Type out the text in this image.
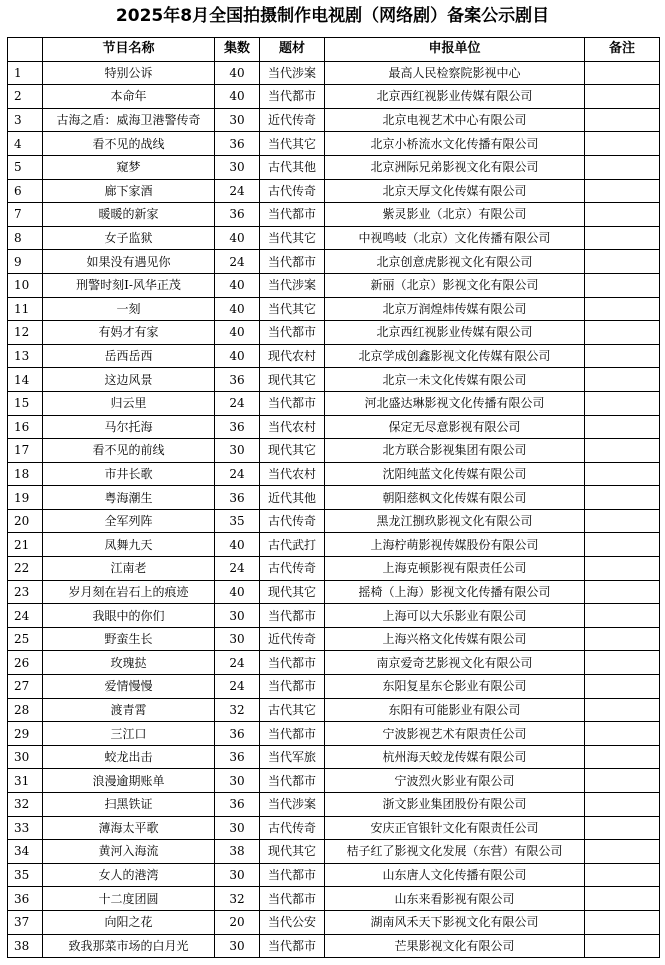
2025年8月全国拍摄制作电视剧（网络剧）备案公示剧目
	节目名称	集数	题材	申报单位	备注
1	特别公诉	40	当代涉案	最高人民检察院影视中心	
2	本命年	40	当代都市	北京西红视影业传媒有限公司	
3	古海之盾：威海卫港警传奇	30	近代传奇	北京电视艺术中心有限公司	
4	看不见的战线	36	当代其它	北京小桥流水文化传播有限公司	
5	窥梦	30	古代其他	北京洲际兄弟影视文化有限公司	
6	廊下家酒	24	古代传奇	北京天厚文化传媒有限公司	
7	暖暖的新家	36	当代都市	紫灵影业（北京）有限公司	
8	女子监狱	40	当代其它	中视鸣岐（北京）文化传播有限公司	
9	如果没有遇见你	24	当代都市	北京创意虎影视文化有限公司	
10	刑警时刻I-风华正茂	40	当代涉案	新丽（北京）影视文化有限公司	
11	一刻	40	当代其它	北京万润煌炜传媒有限公司	
12	有妈才有家	40	当代都市	北京西红视影业传媒有限公司	
13	岳西岳西	40	现代农村	北京学成创鑫影视文化传媒有限公司	
14	这边风景	36	现代其它	北京一未文化传媒有限公司	
15	归云里	24	当代都市	河北盛达琳影视文化传播有限公司	
16	马尔托海	36	当代农村	保定无尽意影视有限公司	
17	看不见的前线	30	现代其它	北方联合影视集团有限公司	
18	市井长歌	24	当代农村	沈阳纯蓝文化传媒有限公司	
19	粤海潮生	36	近代其他	朝阳慈枫文化传媒有限公司	
20	全军列阵	35	古代传奇	黑龙江捌玖影视文化有限公司	
21	凤舞九天	40	古代武打	上海柠萌影视传媒股份有限公司	
22	江南老	24	古代传奇	上海克顿影视有限责任公司	
23	岁月刻在岩石上的痕迹	40	现代其它	摇椅（上海）影视文化传播有限公司	
24	我眼中的你们	30	当代都市	上海可以大乐影业有限公司	
25	野蛮生长	30	近代传奇	上海兴格文化传媒有限公司	
26	玫瑰挞	24	当代都市	南京爱奇艺影视文化有限公司	
27	爱情慢慢	24	当代都市	东阳复星东仑影业有限公司	
28	渡青霄	32	古代其它	东阳有可能影业有限公司	
29	三江口	36	当代都市	宁波影视艺术有限责任公司	
30	蛟龙出击	36	当代军旅	杭州海天蛟龙传媒有限公司	
31	浪漫逾期账单	30	当代都市	宁波烈火影业有限公司	
32	扫黑铁证	36	当代涉案	浙文影业集团股份有限公司	
33	薄海太平歌	30	古代传奇	安庆正官银针文化有限责任公司	
34	黄河入海流	38	现代其它	桔子红了影视文化发展（东营）有限公司	
35	女人的港湾	30	当代都市	山东唐人文化传播有限公司	
36	十二度团圆	32	当代都市	山东来看影视有限公司	
37	向阳之花	20	当代公安	湖南风禾天下影视文化有限公司	
38	致我那菜市场的白月光	30	当代都市	芒果影视文化有限公司	
